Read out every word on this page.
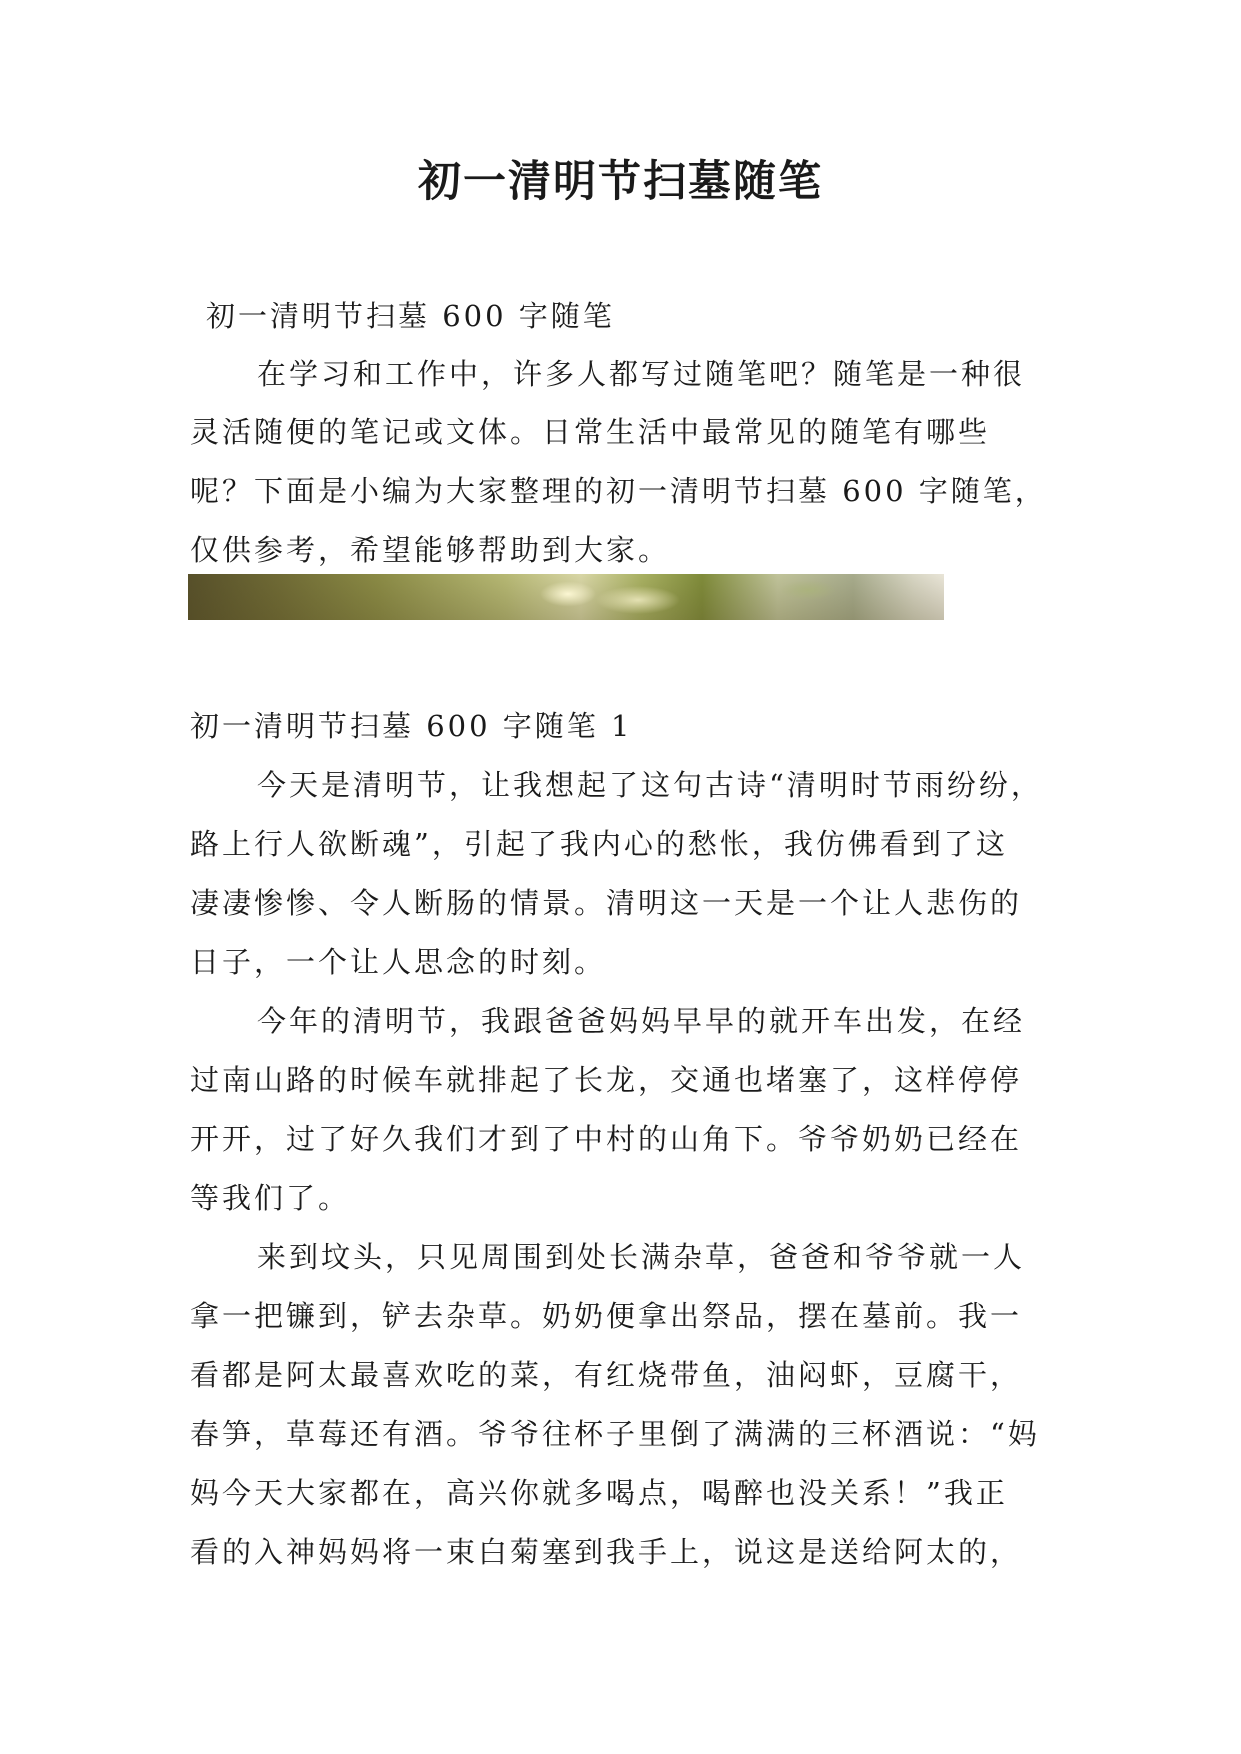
初一清明节扫墓随笔

初一清明节扫墓 600 字随笔

在学习和工作中，许多人都写过随笔吧？随笔是一种很

灵活随便的笔记或文体。日常生活中最常见的随笔有哪些

呢？下面是小编为大家整理的初一清明节扫墓 600 字随笔，

仅供参考，希望能够帮助到大家。

初一清明节扫墓 600 字随笔 1

今天是清明节，让我想起了这句古诗“清明时节雨纷纷，

路上行人欲断魂”，引起了我内心的愁怅，我仿佛看到了这

凄凄惨惨、令人断肠的情景。清明这一天是一个让人悲伤的

日子，一个让人思念的时刻。

今年的清明节，我跟爸爸妈妈早早的就开车出发，在经

过南山路的时候车就排起了长龙，交通也堵塞了，这样停停

开开，过了好久我们才到了中村的山角下。爷爷奶奶已经在

等我们了。

来到坟头，只见周围到处长满杂草，爸爸和爷爷就一人

拿一把镰到，铲去杂草。奶奶便拿出祭品，摆在墓前。我一

看都是阿太最喜欢吃的菜，有红烧带鱼，油闷虾，豆腐干，

春笋，草莓还有酒。爷爷往杯子里倒了满满的三杯酒说：“妈

妈今天大家都在，高兴你就多喝点，喝醉也没关系！”我正

看的入神妈妈将一束白菊塞到我手上，说这是送给阿太的，
